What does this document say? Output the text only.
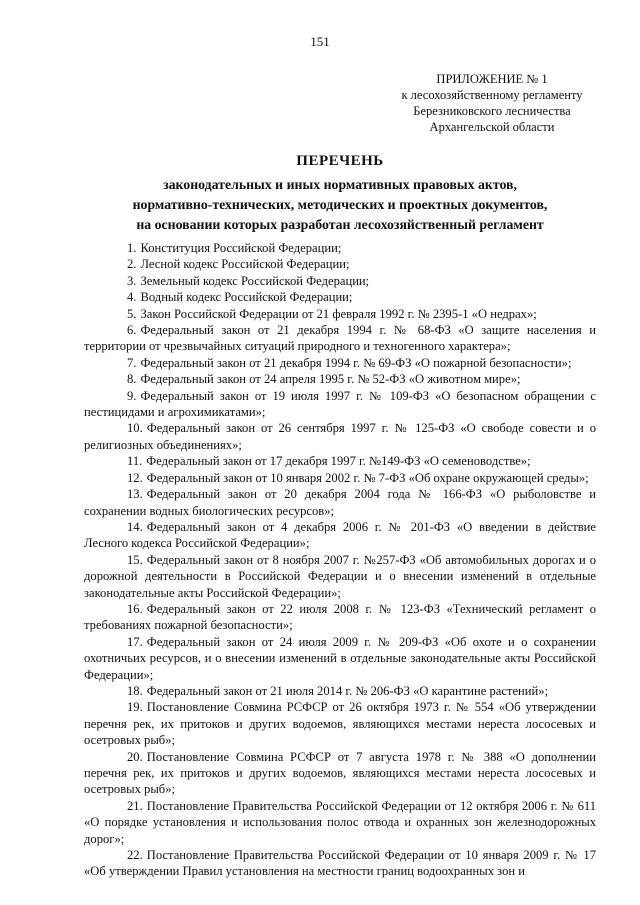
151
ПРИЛОЖЕНИЕ № 1
к лесохозяйственному регламенту
Березниковского лесничества
Архангельской области
ПЕРЕЧЕНЬ
законодательных и иных нормативных правовых актов,
нормативно-технических, методических и проектных документов,
на основании которых разработан лесохозяйственный регламент

1. Конституция Российской Федерации;

2. Лесной кодекс Российской Федерации;

3. Земельный кодекс Российской Федерации;

4. Водный кодекс Российской Федерации;

5. Закон Российской Федерации от 21 февраля 1992 г. № 2395-1 «О недрах»;

6. Федеральный закон от 21 декабря 1994 г. № 68-ФЗ «О защите населения и территории от чрезвычайных ситуаций природного и техногенного характера»;

7. Федеральный закон от 21 декабря 1994 г. № 69-ФЗ «О пожарной безопасности»;

8. Федеральный закон от 24 апреля 1995 г. № 52-ФЗ «О животном мире»;

9. Федеральный закон от 19 июля 1997 г. № 109-ФЗ «О безопасном обращении с пестицидами и агрохимикатами»;

10. Федеральный закон от 26 сентября 1997 г. № 125-ФЗ «О свободе совести и о религиозных объединениях»;

11. Федеральный закон от 17 декабря 1997 г. №149-ФЗ «О семеноводстве»;

12. Федеральный закон от 10 января 2002 г. № 7-ФЗ «Об охране окружающей среды»;

13. Федеральный закон от 20 декабря 2004 года № 166-ФЗ «О рыболовстве и сохранении водных биологических ресурсов»;

14. Федеральный закон от 4 декабря 2006 г. № 201-ФЗ «О введении в действие Лесного кодекса Российской Федерации»;

15. Федеральный закон от 8 ноября 2007 г. №257-ФЗ «Об автомобильных дорогах и о дорожной деятельности в Российской Федерации и о внесении изменений в отдельные законодательные акты Российской Федерации»;

16. Федеральный закон от 22 июля 2008 г. № 123-ФЗ «Технический регламент о требованиях пожарной безопасности»;

17. Федеральный закон от 24 июля 2009 г. № 209-ФЗ «Об охоте и о сохранении охотничьих ресурсов, и о внесении изменений в отдельные законодательные акты Российской Федерации»;

18. Федеральный закон от 21 июля 2014 г. № 206-ФЗ «О карантине растений»;

19. Постановление Совмина РСФСР от 26 октября 1973 г. № 554 «Об утверждении перечня рек, их притоков и других водоемов, являющихся местами нереста лососевых и осетровых рыб»;

20. Постановление Совмина РСФСР от 7 августа 1978 г. № 388 «О дополнении перечня рек, их притоков и других водоемов, являющихся местами нереста лососевых и осетровых рыб»;

21. Постановление Правительства Российской Федерации от 12 октября 2006 г. № 611 «О порядке установления и использования полос отвода и охранных зон железнодорожных дорог»;

22. Постановление Правительства Российской Федерации от 10 января 2009 г. № 17 «Об утверждении Правил установления на местности границ водоохранных зон и
